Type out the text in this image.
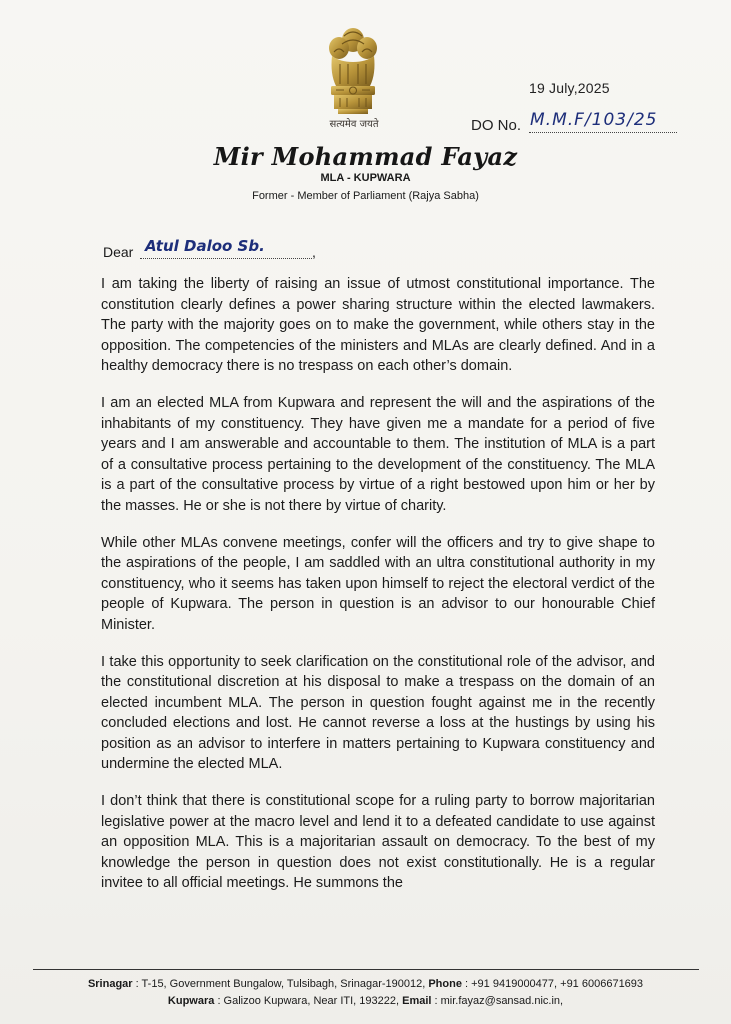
सत्यमेव जयते
19 July,2025
DO No. M.M.F/103/25
Mir Mohammad Fayaz
MLA - KUPWARA
Former - Member of Parliament (Rajya Sabha)
Dear Atul Daloo Sb.	,

I am taking the liberty of raising an issue of utmost constitutional importance. The constitution clearly defines a power sharing structure within the elected lawmakers. The party with the majority goes on to make the government, while others stay in the opposition. The competencies of the ministers and MLAs are clearly defined. And in a healthy democracy there is no trespass on each other’s domain.

I am an elected MLA from Kupwara and represent the will and the aspirations of the inhabitants of my constituency. They have given me a mandate for a period of five years and I am answerable and accountable to them. The institution of MLA is a part of a consultative process pertaining to the development of the constituency. The MLA is a part of the consultative process by virtue of a right bestowed upon him or her by the masses. He or she is not there by virtue of charity.

While other MLAs convene meetings, confer will the officers and try to give shape to the aspirations of the people, I am saddled with an ultra constitutional authority in my constituency, who it seems has taken upon himself to reject the electoral verdict of the people of Kupwara. The person in question is an advisor to our honourable Chief Minister.

I take this opportunity to seek clarification on the constitutional role of the advisor, and the constitutional discretion at his disposal to make a trespass on the domain of an elected incumbent MLA. The person in question fought against me in the recently concluded elections and lost. He cannot reverse a loss at the hustings by using his position as an advisor to interfere in matters pertaining to Kupwara constituency and undermine the elected MLA.

I don’t think that there is constitutional scope for a ruling party to borrow majoritarian legislative power at the macro level and lend it to a defeated candidate to use against an opposition MLA. This is a majoritarian assault on democracy. To the best of my knowledge the person in question does not exist constitutionally. He is a regular invitee to all official meetings. He summons the

Srinagar : T-15, Government Bungalow, Tulsibagh, Srinagar-190012, Phone : +91 9419000477, +91 6006671693
Kupwara : Galizoo Kupwara, Near ITI, 193222, Email : mir.fayaz@sansad.nic.in,
